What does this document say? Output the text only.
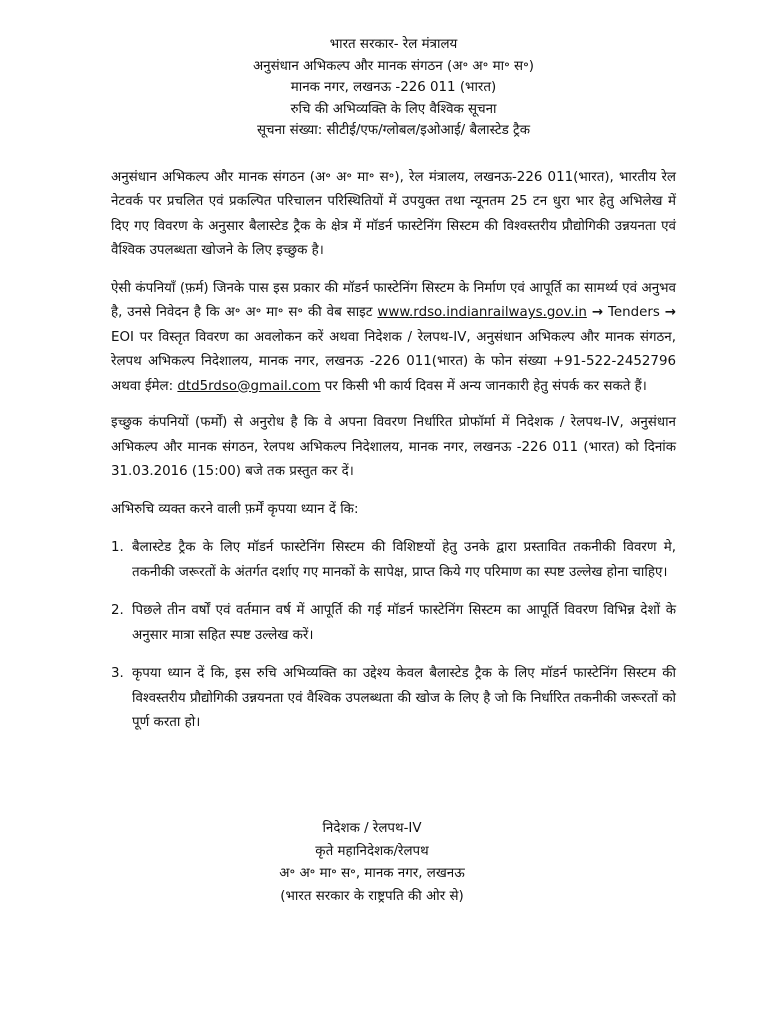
भारत सरकार- रेल मंत्रालय

अनुसंधान अभिकल्प और मानक संगठन (अ॰ अ॰ मा॰ स॰)

मानक नगर, लखनऊ -226 011 (भारत)

रुचि की अभिव्यक्ति के लिए वैश्विक सूचना

सूचना संख्या: सीटीई/एफ/ग्लोबल/इओआई/ बैलास्टेड ट्रैक

अनुसंधान अभिकल्प और मानक संगठन (अ॰ अ॰ मा॰ स॰), रेल मंत्रालय, लखनऊ-226 011(भारत), भारतीय रेल नेटवर्क पर प्रचलित एवं प्रकल्पित परिचालन परिस्थितियों में उपयुक्त तथा न्यूनतम 25 टन धुरा भार हेतु अभिलेख में दिए गए विवरण के अनुसार बैलास्टेड ट्रैक के क्षेत्र में मॉडर्न फास्टेनिंग सिस्टम की विश्वस्तरीय प्रौद्योगिकी उन्नयनता एवं वैश्विक उपलब्धता खोजने के लिए इच्छुक है।

ऐसी कंपनियाँ (फ़र्म) जिनके पास इस प्रकार की मॉडर्न फास्टेनिंग सिस्टम के निर्माण एवं आपूर्ति का सामर्थ्य एवं अनुभव है, उनसे निवेदन है कि अ॰ अ॰ मा॰ स॰ की वेब साइट www.rdso.indianrailways.gov.in → Tenders → EOI पर विस्तृत विवरण का अवलोकन करें अथवा निदेशक / रेलपथ-IV, अनुसंधान अभिकल्प और मानक संगठन, रेलपथ अभिकल्प निदेशालय, मानक नगर, लखनऊ -226 011(भारत) के फोन संख्या +91-522-2452796 अथवा ईमेल: dtd5rdso@gmail.com पर किसी भी कार्य दिवस में अन्य जानकारी हेतु संपर्क कर सकते हैं।

इच्छुक कंपनियों (फर्मों) से अनुरोध है कि वे अपना विवरण निर्धारित प्रोफॉर्मा में निदेशक / रेलपथ-IV, अनुसंधान अभिकल्प और मानक संगठन, रेलपथ अभिकल्प निदेशालय, मानक नगर, लखनऊ -226 011 (भारत) को दिनांक 31.03.2016 (15:00) बजे तक प्रस्तुत कर दें।

अभिरुचि व्यक्त करने वाली फ़र्में कृपया ध्यान दें कि:

1. बैलास्टेड ट्रैक के लिए मॉडर्न फास्टेनिंग सिस्टम की विशिष्टयों हेतु उनके द्वारा प्रस्तावित तकनीकी विवरण मे, तकनीकी जरूरतों के अंतर्गत दर्शाए गए मानकों के सापेक्ष, प्राप्त किये गए परिमाण का स्पष्ट उल्लेख होना चाहिए।
2. पिछले तीन वर्षों एवं वर्तमान वर्ष में आपूर्ति की गई मॉडर्न फास्टेनिंग सिस्टम का आपूर्ति विवरण विभिन्न देशों के अनुसार मात्रा सहित स्पष्ट उल्लेख करें।
3. कृपया ध्यान दें कि, इस रुचि अभिव्यक्ति का उद्देश्य केवल बैलास्टेड ट्रैक के लिए मॉडर्न फास्टेनिंग सिस्टम की विश्वस्तरीय प्रौद्योगिकी उन्नयनता एवं वैश्विक उपलब्धता की खोज के लिए है जो कि निर्धारित तकनीकी जरूरतों को पूर्ण करता हो।

निदेशक / रेलपथ-IV

कृते महानिदेशक/रेलपथ

अ॰ अ॰ मा॰ स॰, मानक नगर, लखनऊ

(भारत सरकार के राष्ट्रपति की ओर से)
